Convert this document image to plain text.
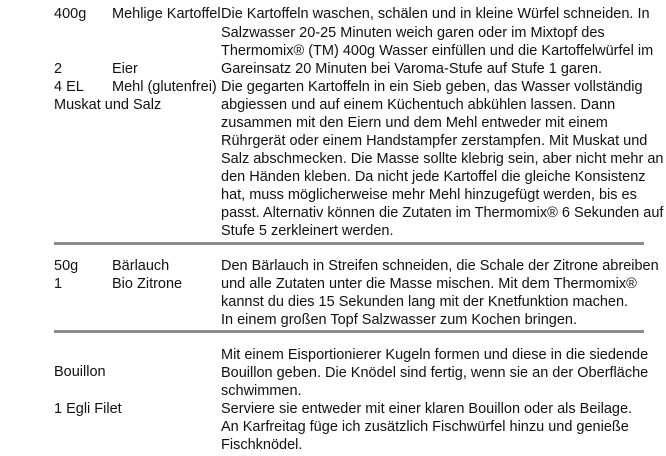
400g Mehlige Kartoffel
2	Eier
4 EL Mehl (glutenfrei)
Muskat und Salz
Die Kartoffeln waschen, schälen und in kleine Würfel schneiden. In
Salzwasser 20-25 Minuten weich garen oder im Mixtopf des
Thermomix® (TM) 400g Wasser einfüllen und die Kartoffelwürfel im
Gareinsatz 20 Minuten bei Varoma-Stufe auf Stufe 1 garen.
Die gegarten Kartoffeln in ein Sieb geben, das Wasser vollständig
abgiessen und auf einem Küchentuch abkühlen lassen. Dann
zusammen mit den Eiern und dem Mehl entweder mit einem
Rührgerät oder einem Handstampfer zerstampfen. Mit Muskat und
Salz abschmecken. Die Masse sollte klebrig sein, aber nicht mehr an
den Händen kleben. Da nicht jede Kartoffel die gleiche Konsistenz
hat, muss möglicherweise mehr Mehl hinzugefügt werden, bis es
passt. Alternativ können die Zutaten im Thermomix® 6 Sekunden auf
Stufe 5 zerkleinert werden.
50g Bärlauch
1	Bio Zitrone
Den Bärlauch in Streifen schneiden, die Schale der Zitrone abreiben
und alle Zutaten unter die Masse mischen. Mit dem Thermomix®
kannst du dies 15 Sekunden lang mit der Knetfunktion machen.
In einem großen Topf Salzwasser zum Kochen bringen.
Bouillon
1 Egli Filet
Mit einem Eisportionierer Kugeln formen und diese in die siedende
Bouillon geben. Die Knödel sind fertig, wenn sie an der Oberfläche
schwimmen.
Serviere sie entweder mit einer klaren Bouillon oder als Beilage.
An Karfreitag füge ich zusätzlich Fischwürfel hinzu und genieße
Fischknödel.
